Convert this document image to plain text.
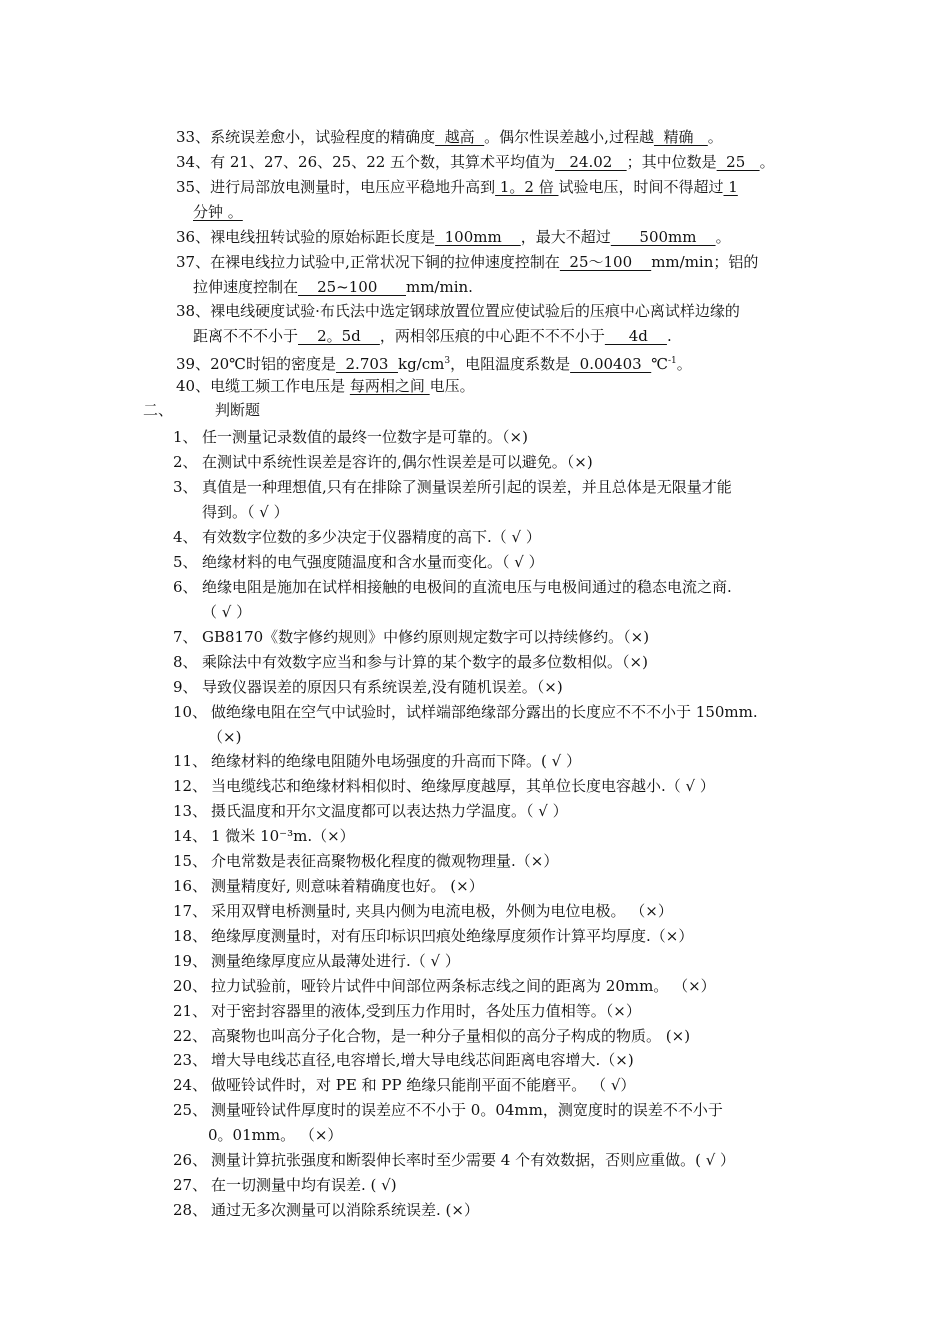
二、	判断题
33、系统误差愈小，试验程度的精确度  越高  。偶尔性误差越小,过程越  精确   。
34、有 21、27、26、25、22 五个数，其算术平均值为   24.02   ；其中位数是  25   。
35、进行局部放电测量时，电压应平稳地升高到 1。2 倍 试验电压，时间不得超过 1
分钟 。
36、裸电线扭转试验的原始标距长度是  100mm    ，最大不超过      500mm    。
37、在裸电线拉力试验中,正常状况下铜的拉伸速度控制在  25～100    mm/min；铝的
拉伸速度控制在    25~100      mm/min.
38、裸电线硬度试验·布氏法中选定钢球放置位置应使试验后的压痕中心离试样边缘的
距离不不不小于    2。5d    ，两相邻压痕的中心距不不不小于     4d    .
39、20℃时铝的密度是  2.703  $kg/cm^3$，电阻温度系数是  0.00403  ℃$^{-1}$。
40、电缆工频工作电压是 每两相之间 电压。
1、 任一测量记录数值的最终一位数字是可靠的。（×)
2、 在测试中系统性误差是容许的,偶尔性误差是可以避免。（×)
3、 真值是一种理想值,只有在排除了测量误差所引起的误差，并且总体是无限量才能
得到。（ √ ）
4、 有效数字位数的多少决定于仪器精度的高下.（ √ ）
5、 绝缘材料的电气强度随温度和含水量而变化。（ √ ）
6、 绝缘电阻是施加在试样相接触的电极间的直流电压与电极间通过的稳态电流之商.
（ √ ）
7、 GB8170《数字修约规则》中修约原则规定数字可以持续修约。（×)
8、 乘除法中有效数字应当和参与计算的某个数字的最多位数相似。（×)
9、 导致仪器误差的原因只有系统误差,没有随机误差。（×)
10、 做绝缘电阻在空气中试验时，试样端部绝缘部分露出的长度应不不不小于 150mm.
（×)
11、 绝缘材料的绝缘电阻随外电场强度的升高而下降。( √ ）
12、 当电缆线芯和绝缘材料相似时、绝缘厚度越厚，其单位长度电容越小.（ √ ）
13、 摄氏温度和开尔文温度都可以表达热力学温度。（ √ ）
14、 1 微米 10⁻³m.（×）
15、 介电常数是表征高聚物极化程度的微观物理量.（×）
16、 测量精度好, 则意味着精确度也好。 (×）
17、 采用双臂电桥测量时, 夹具内侧为电流电极，外侧为电位电极。 （×）
18、 绝缘厚度测量时，对有压印标识凹痕处绝缘厚度须作计算平均厚度.（×）
19、 测量绝缘厚度应从最薄处进行.（ √ ）
20、 拉力试验前，哑铃片试件中间部位两条标志线之间的距离为 20mm。 （×）
21、 对于密封容器里的液体,受到压力作用时，各处压力值相等。（×）
22、 高聚物也叫高分子化合物，是一种分子量相似的高分子构成的物质。 (×)
23、 增大导电线芯直径,电容增长,增大导电线芯间距离电容增大.（×)
24、 做哑铃试件时，对 PE 和 PP 绝缘只能削平面不能磨平。 （ √）
25、 测量哑铃试件厚度时的误差应不不小于 0。04mm，测宽度时的误差不不小于
0。01mm。 （×）
26、 测量计算抗张强度和断裂伸长率时至少需要 4 个有效数据，否则应重做。( √ ）
27、 在一切测量中均有误差. ( √)
28、 通过无多次测量可以消除系统误差. (×）
